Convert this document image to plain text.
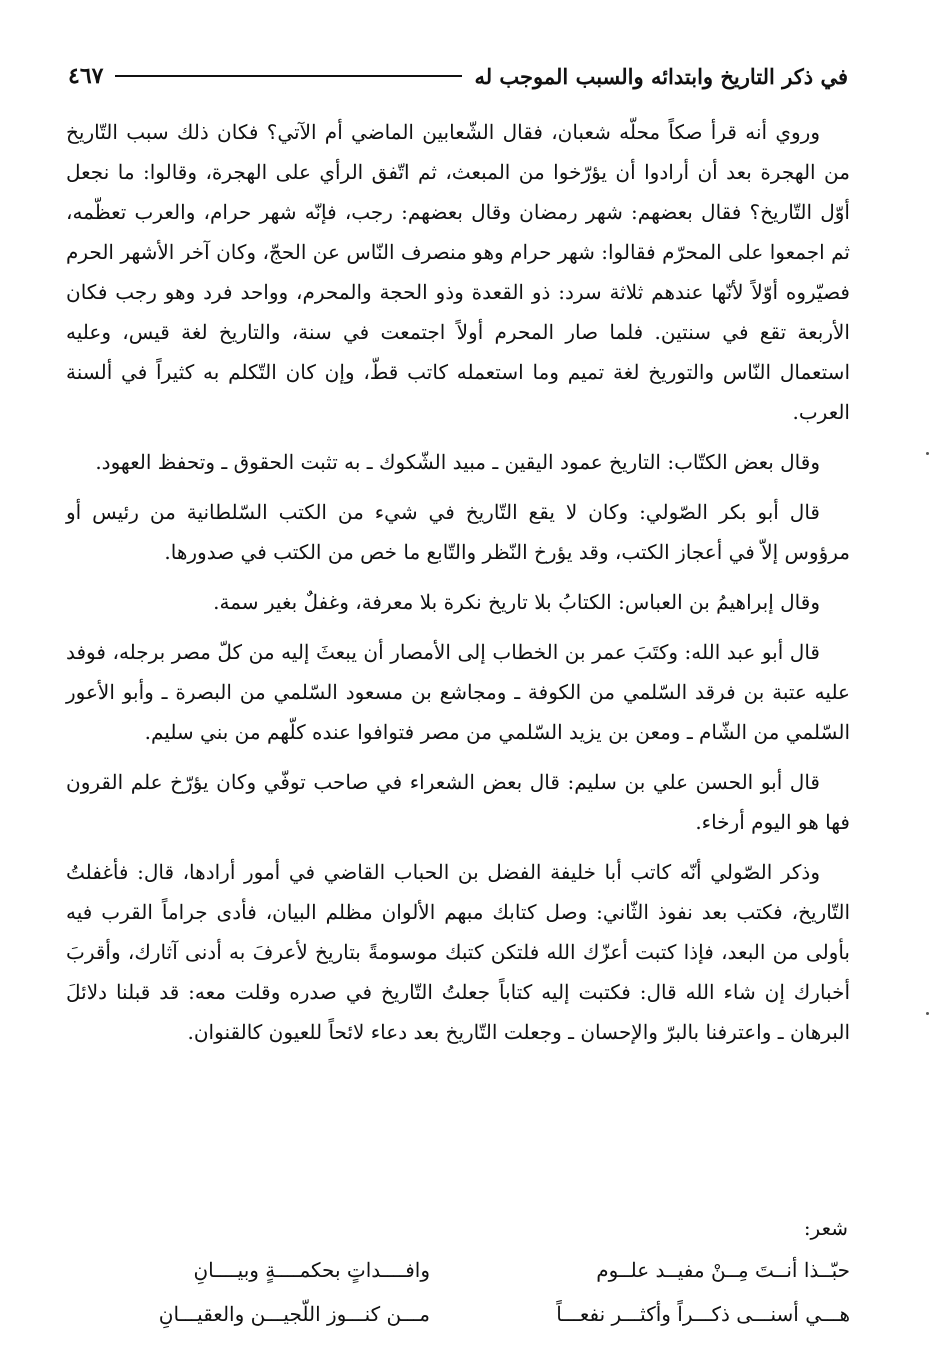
في ذكر التاريخ وابتدائه والسبب الموجب له
٤٦٧

وروي أنه قرأ صكاً محلّه شعبان، فقال الشّعابين الماضي أم الآتي؟ فكان ذلك سبب التّاريخ من الهجرة بعد أن أرادوا أن يؤرّخوا من المبعث، ثم اتّفق الرأي على الهجرة، وقالوا: ما نجعل أوّل التّاريخ؟ فقال بعضهم: شهر رمضان وقال بعضهم: رجب، فإنّه شهر حرام، والعرب تعظّمه، ثم اجمعوا على المحرّم فقالوا: شهر حرام وهو منصرف النّاس عن الحجّ، وكان آخر الأشهر الحرم فصيّروه أوّلاً لأنّها عندهم ثلاثة سرد: ذو القعدة وذو الحجة والمحرم، وواحد فرد وهو رجب فكان الأربعة تقع في سنتين. فلما صار المحرم أولاً اجتمعت في سنة، والتاريخ لغة قيس، وعليه استعمال النّاس والتوريخ لغة تميم وما استعمله كاتب قطّ، وإن كان التّكلم به كثيراً في ألسنة العرب.

وقال بعض الكتّاب: التاريخ عمود اليقين ـ مبيد الشّكوك ـ به تثبت الحقوق ـ وتحفظ العهود.

قال أبو بكر الصّولي: وكان لا يقع التّاريخ في شيء من الكتب السّلطانية من رئيس أو مرؤوس إلاّ في أعجاز الكتب، وقد يؤرخ النّظر والتّابع ما خص من الكتب في صدورها.

وقال إبراهيمُ بن العباس: الكتابُ بلا تاريخ نكرة بلا معرفة، وغفلٌ بغير سمة.

قال أبو عبد الله: وكتَبَ عمر بن الخطاب إلى الأمصار أن يبعثَ إليه من كلّ مصر برجله، فوفد عليه عتبة بن فرقد السّلمي من الكوفة ـ ومجاشع بن مسعود السّلمي من البصرة ـ وأبو الأعور السّلمي من الشّام ـ ومعن بن يزيد السّلمي من مصر فتوافوا عنده كلّهم من بني سليم.

قال أبو الحسن علي بن سليم: قال بعض الشعراء في صاحب توفّي وكان يؤرّخ علم القرون فها هو اليوم أرخاء.

وذكر الصّولي أنّه كاتب أبا خليفة الفضل بن الحباب القاضي في أمور أرادها، قال: فأغفلتُ التّاريخ، فكتب بعد نفوذ الثّاني: وصل كتابك مبهم الألوان مظلم البيان، فأدى جراماً القرب فيه بأولى من البعد، فإذا كتبت أعزّك الله فلتكن كتبك موسومةً بتاريخ لأعرفَ به أدنى آثارك، وأقربَ أخبارك إن شاء الله قال: فكتبت إليه كتاباً جعلتُ التّاريخ في صدره وقلت معه: قد قبلنا دلائلَ البرهان ـ واعترفنا بالبرّ والإحسان ـ وجعلت التّاريخ بعد دعاء لائحاً للعيون كالقنوان.

شعر:
حبّــذا أنــتَ مِــنْ مفيــد علــوم
وافــــداتٍ بحكمــــةٍ وبيــــانِ
هـــي أسنـــى ذكـــراً وأكثـــر نفعـــاً
مـــن كنـــوز اللّجيـــن والعقيـــانِ
